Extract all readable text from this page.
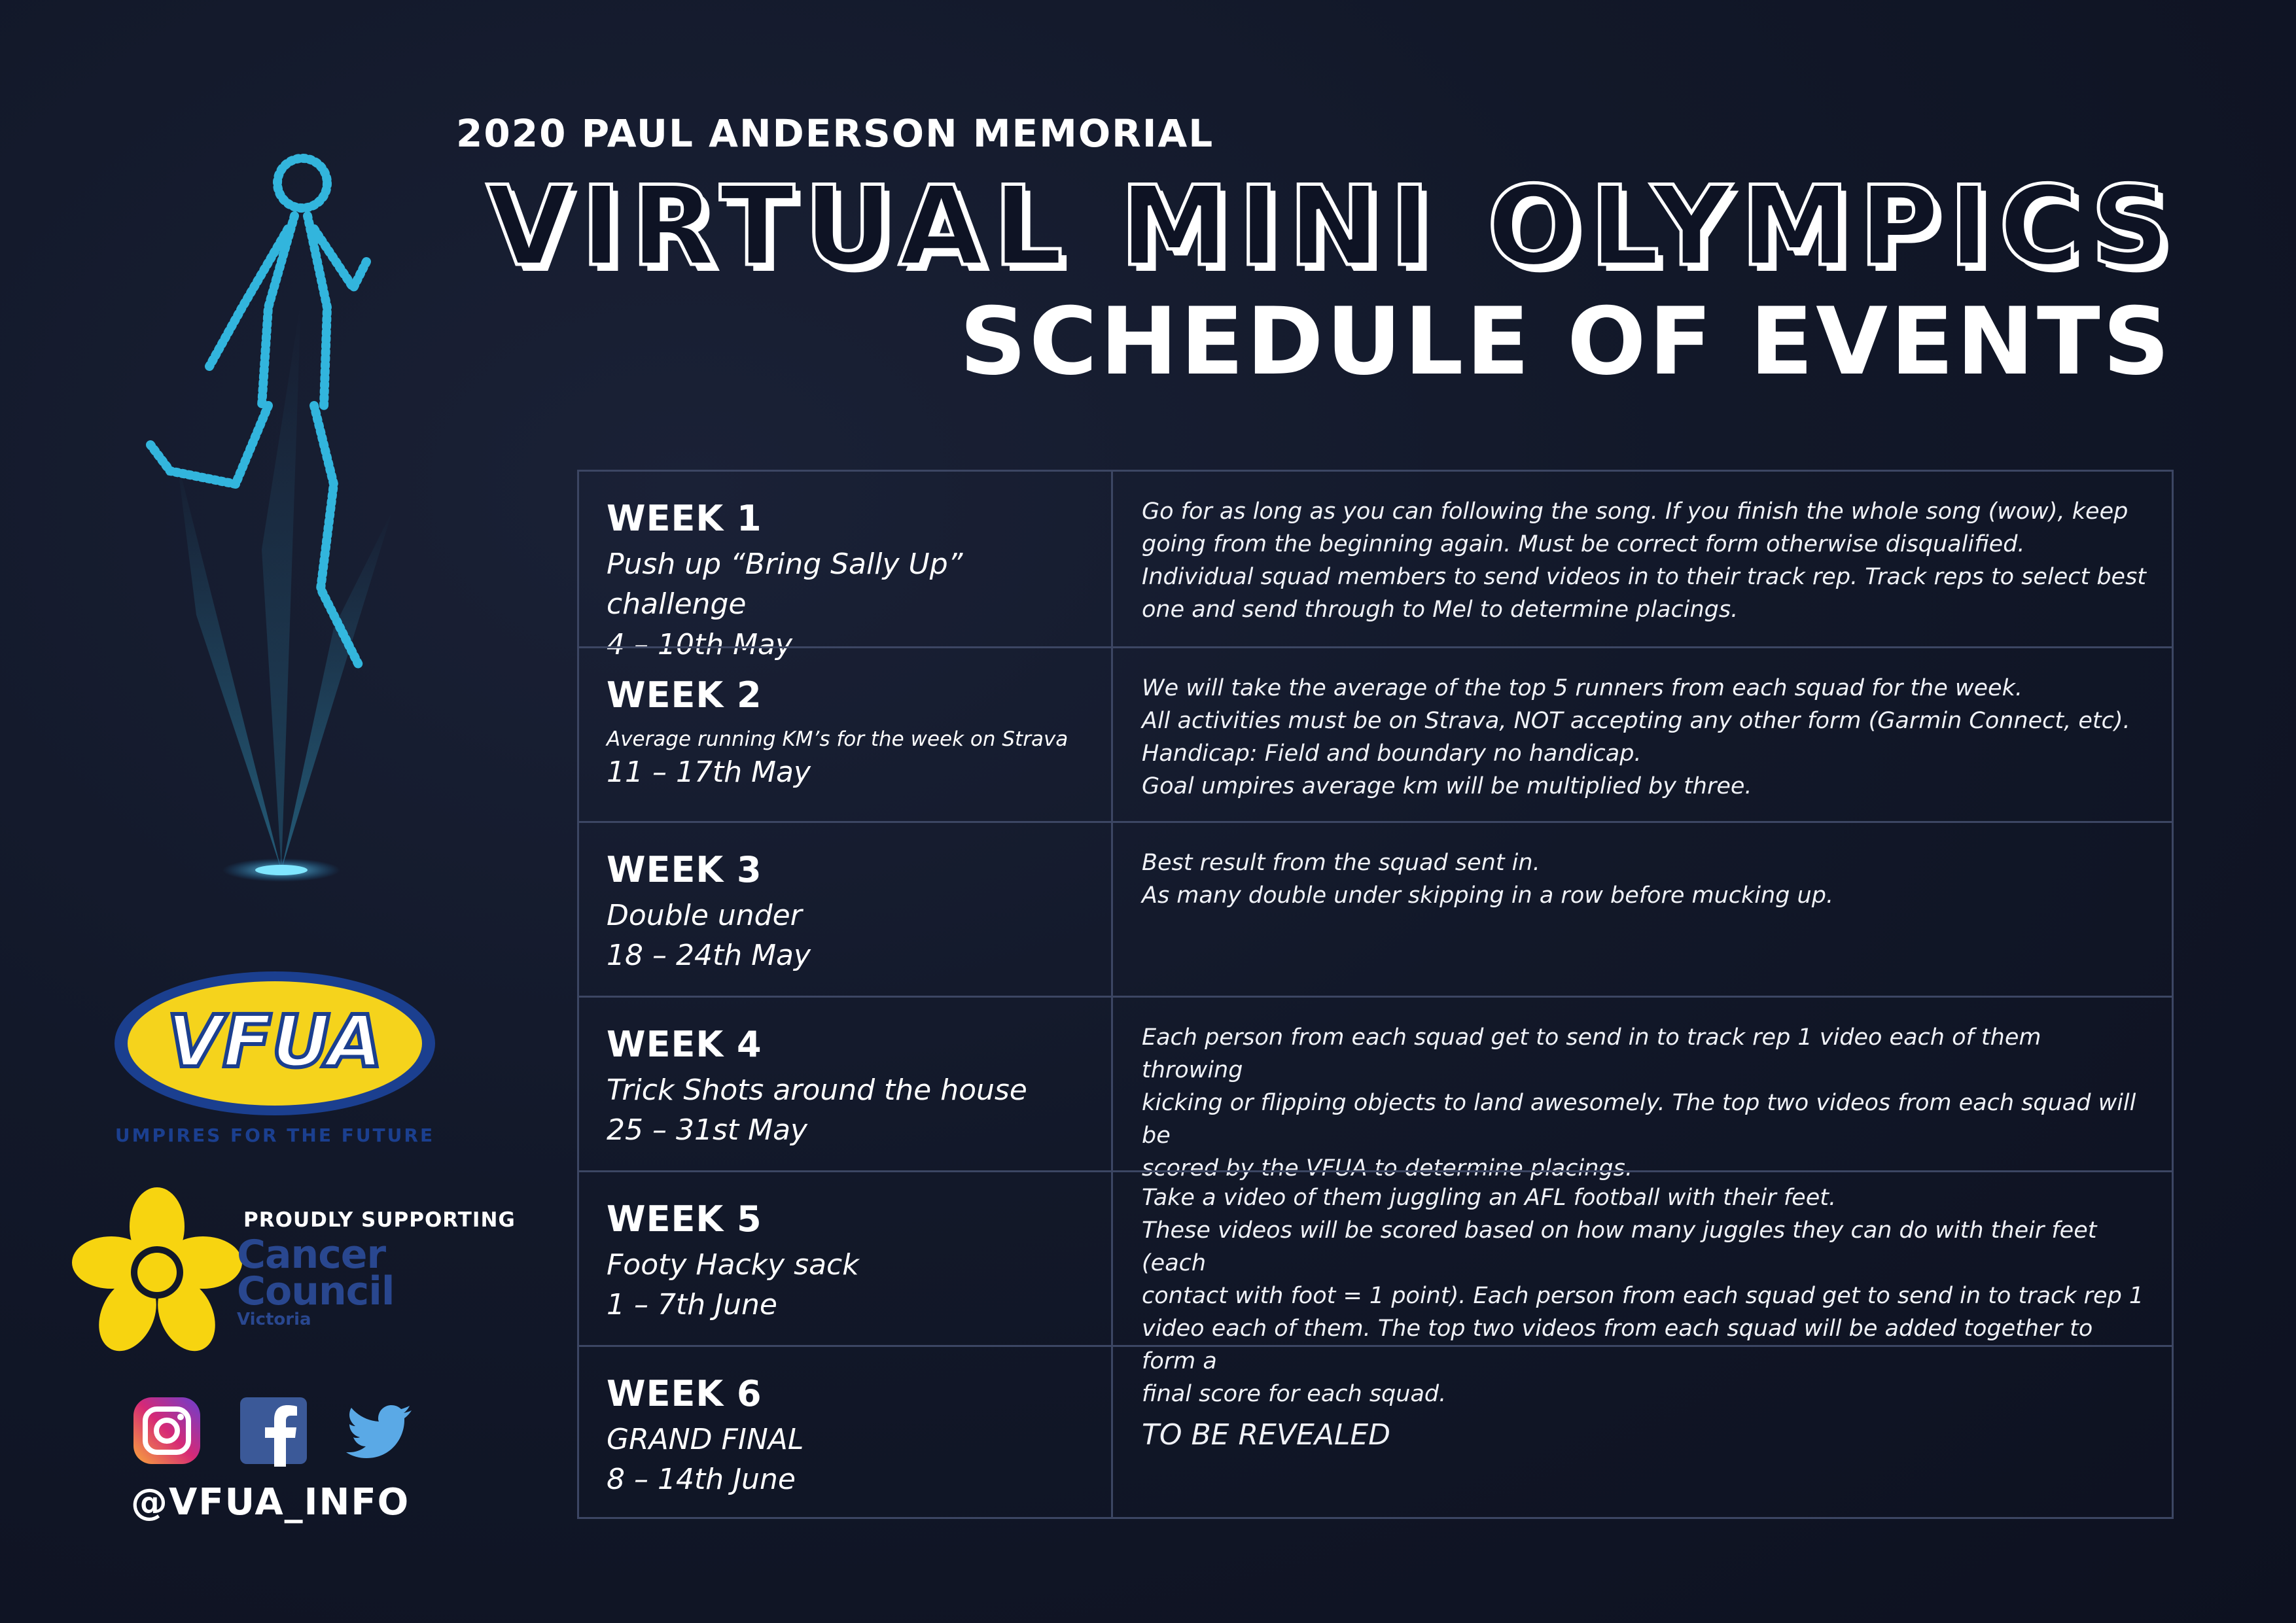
2020 PAUL ANDERSON MEMORIAL
VIRTUAL MINI OLYMPICS
SCHEDULE OF EVENTS
VFUA
UMPIRES FOR THE FUTURE
PROUDLY SUPPORTING
Cancer
Council
Victoria
@VFUA_INFO
WEEK 1
Push up “Bring Sally Up” challenge
4 – 10th May
Go for as long as you can following the song. If you finish the whole song (wow), keep
going from the beginning again. Must be correct form otherwise disqualified.
Individual squad members to send videos in to their track rep. Track reps to select best
one and send through to Mel to determine placings.
WEEK 2
Average running KM’s for the week on Strava
11 – 17th May
We will take the average of the top 5 runners from each squad for the week.
All activities must be on Strava, NOT accepting any other form (Garmin Connect, etc).
Handicap: Field and boundary no handicap.
Goal umpires average km will be multiplied by three.
WEEK 3
Double under
18 – 24th May
Best result from the squad sent in.
As many double under skipping in a row before mucking up.
WEEK 4
Trick Shots around the house
25 – 31st May
Each person from each squad get to send in to track rep 1 video each of them throwing
kicking or flipping objects to land awesomely. The top two videos from each squad will be
scored by the VFUA to determine placings.
WEEK 5
Footy Hacky sack
1 – 7th June
Take a video of them juggling an AFL football with their feet.
These videos will be scored based on how many juggles they can do with their feet (each
contact with foot = 1 point). Each person from each squad get to send in to track rep 1
video each of them. The top two videos from each squad will be added together to form a
final score for each squad.
WEEK 6
GRAND FINAL
8 – 14th June
TO BE REVEALED
